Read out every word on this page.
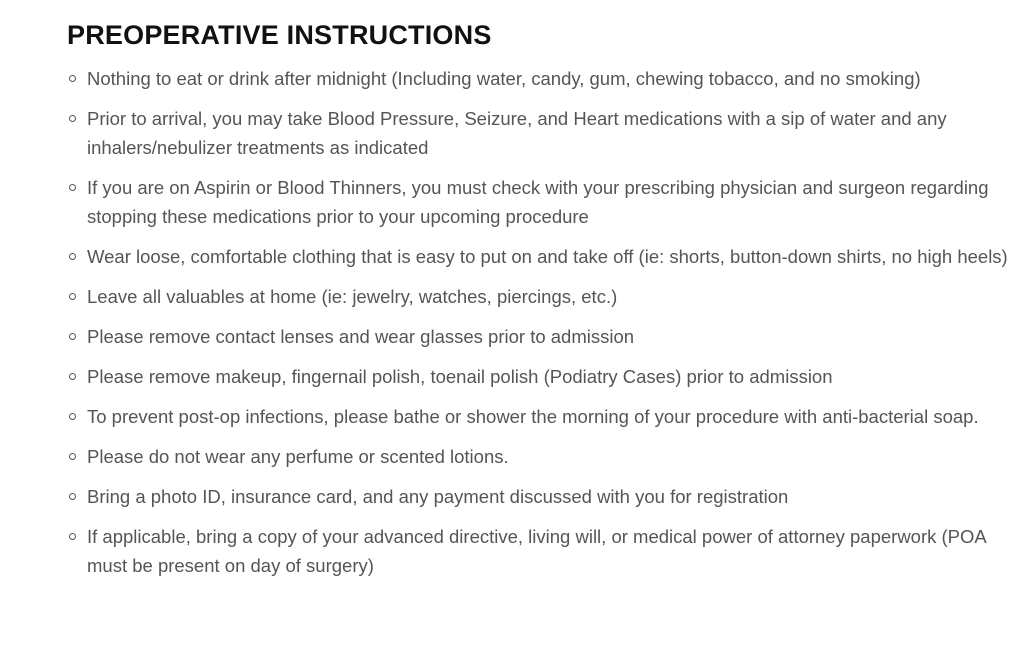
PREOPERATIVE INSTRUCTIONS
Nothing to eat or drink after midnight (Including water, candy, gum, chewing tobacco, and no smoking)
Prior to arrival, you may take Blood Pressure, Seizure, and Heart medications with a sip of water and any inhalers/nebulizer treatments as indicated
If you are on Aspirin or Blood Thinners, you must check with your prescribing physician and surgeon regarding stopping these medications prior to your upcoming procedure
Wear loose, comfortable clothing that is easy to put on and take off (ie: shorts, button-down shirts, no high heels)
Leave all valuables at home (ie: jewelry, watches, piercings, etc.)
Please remove contact lenses and wear glasses prior to admission
Please remove makeup, fingernail polish, toenail polish (Podiatry Cases) prior to admission
To prevent post-op infections, please bathe or shower the morning of your procedure with anti-bacterial soap.
Please do not wear any perfume or scented lotions.
Bring a photo ID, insurance card, and any payment discussed with you for registration
If applicable, bring a copy of your advanced directive, living will, or medical power of attorney paperwork (POA must be present on day of surgery)
